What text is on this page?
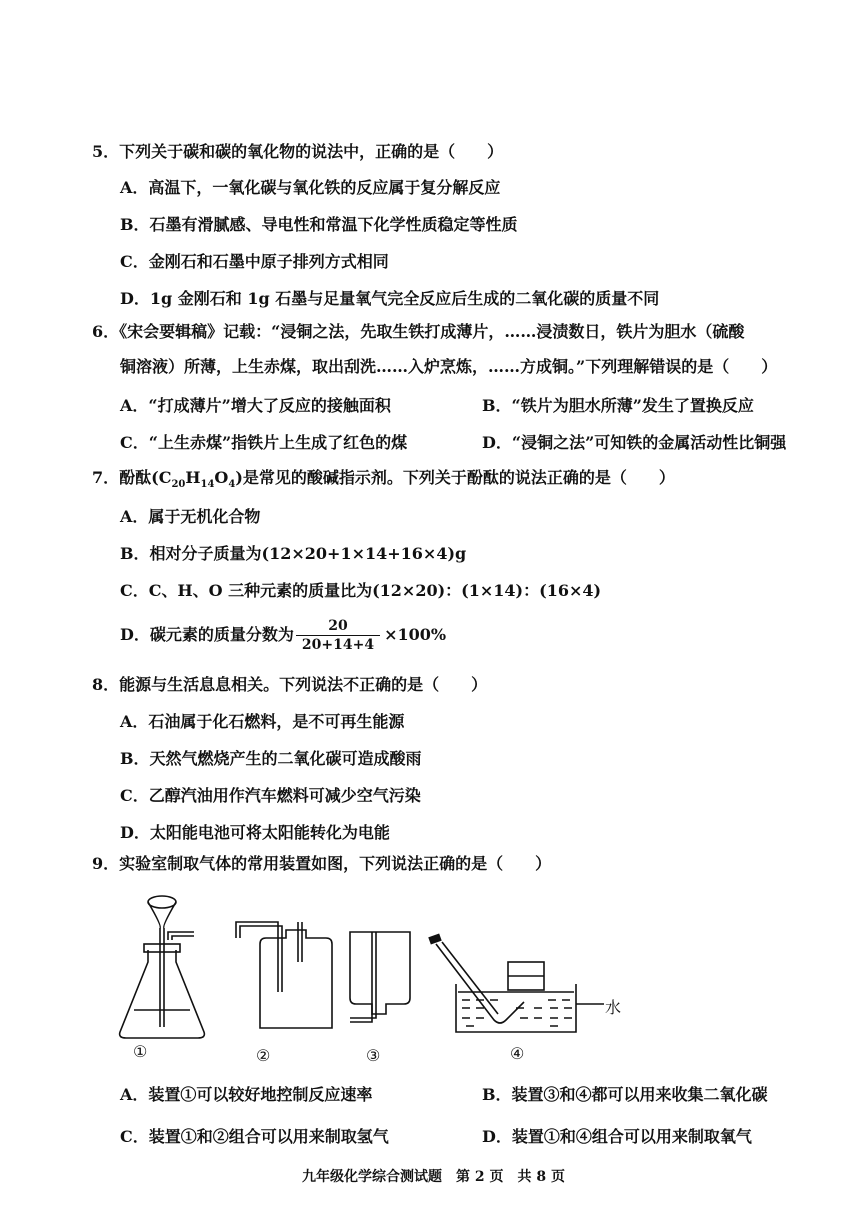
5．下列关于碳和碳的氧化物的说法中，正确的是（　　）
A．高温下，一氧化碳与氧化铁的反应属于复分解反应
B．石墨有滑腻感、导电性和常温下化学性质稳定等性质
C．金刚石和石墨中原子排列方式相同
D．1g 金刚石和 1g 石墨与足量氧气完全反应后生成的二氧化碳的质量不同
6．《宋会要辑稿》记载：“浸铜之法，先取生铁打成薄片，……浸渍数日，铁片为胆水（硫酸
铜溶液）所薄，上生赤煤，取出刮洗……入炉烹炼，……方成铜。”下列理解错误的是（　　）
A．“打成薄片”增大了反应的接触面积	B．“铁片为胆水所薄”发生了置换反应
C．“上生赤煤”指铁片上生成了红色的煤	D．“浸铜之法”可知铁的金属活动性比铜强
7．酚酞$(C_{20}H_{14}O_4)$是常见的酸碱指示剂。下列关于酚酞的说法正确的是（　　）
A．属于无机化合物
B．相对分子质量为(12×20+1×14+16×4)g
C．C、H、O 三种元素的质量比为(12×20)：(1×14)：(16×4)
D．碳元素的质量分数为 $\frac{20}{20+14+4} \times 100\%$
8．能源与生活息息相关。下列说法不正确的是（　　）
A．石油属于化石燃料，是不可再生能源
B．天然气燃烧产生的二氧化碳可造成酸雨
C．乙醇汽油用作汽车燃料可减少空气污染
D．太阳能电池可将太阳能转化为电能
9．实验室制取气体的常用装置如图，下列说法正确的是（　　）
水
①	②	③	④
A．装置①可以较好地控制反应速率	B．装置③和④都可以用来收集二氧化碳
C．装置①和②组合可以用来制取氢气	D．装置①和④组合可以用来制取氧气
九年级化学综合测试题　第 2 页　共 8 页
